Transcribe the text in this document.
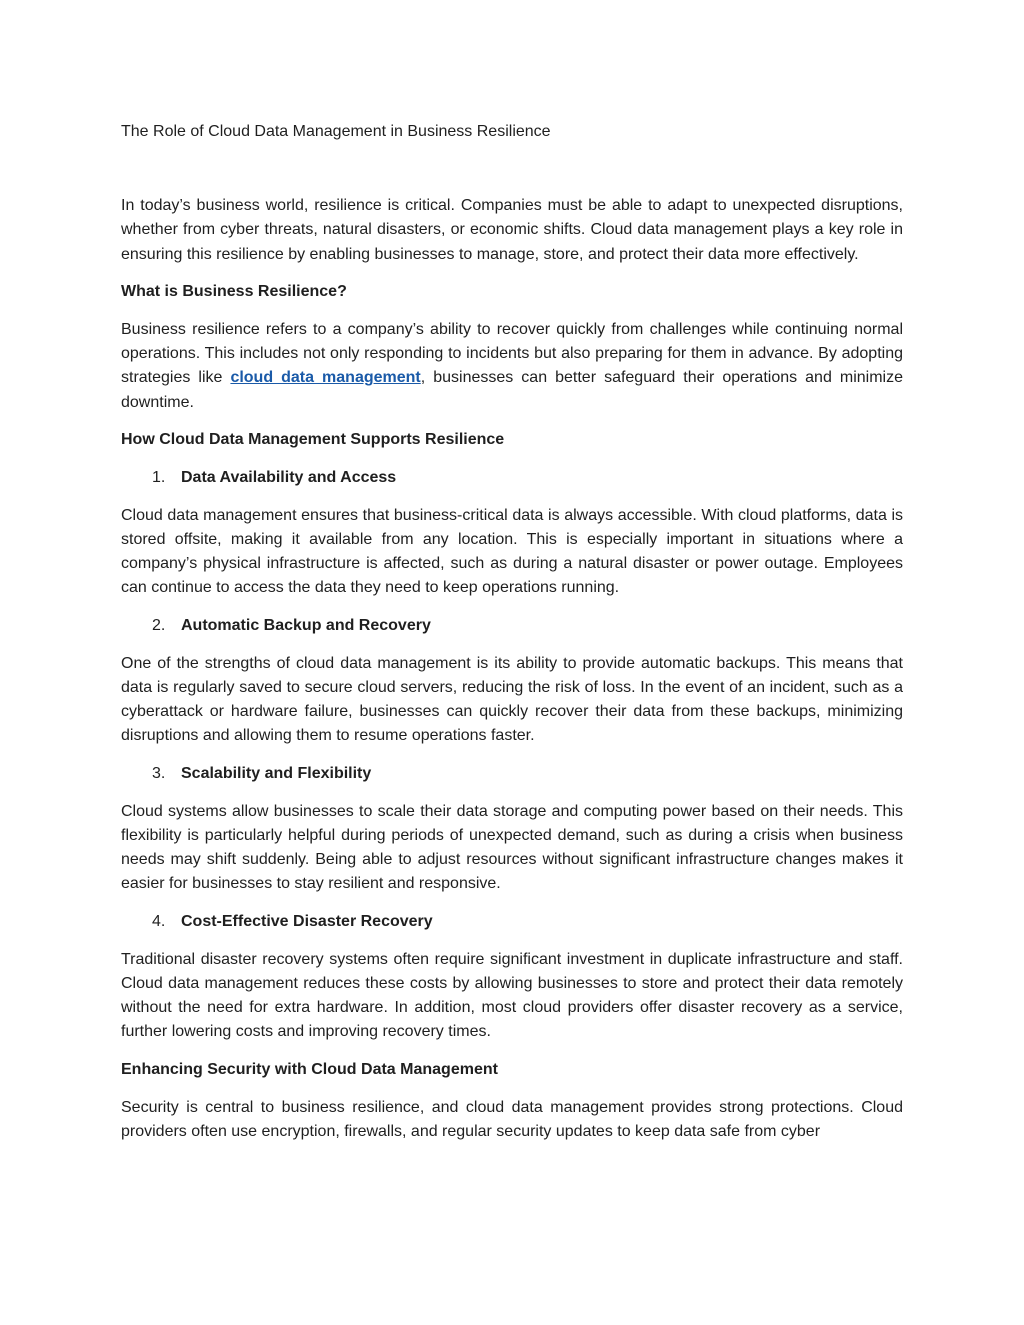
The Role of Cloud Data Management in Business Resilience

In today’s business world, resilience is critical. Companies must be able to adapt to unexpected disruptions, whether from cyber threats, natural disasters, or economic shifts. Cloud data management plays a key role in ensuring this resilience by enabling businesses to manage, store, and protect their data more effectively.

What is Business Resilience?

Business resilience refers to a company’s ability to recover quickly from challenges while continuing normal operations. This includes not only responding to incidents but also preparing for them in advance. By adopting strategies like cloud data management, businesses can better safeguard their operations and minimize downtime.

How Cloud Data Management Supports Resilience
1. Data Availability and Access

Cloud data management ensures that business-critical data is always accessible. With cloud platforms, data is stored offsite, making it available from any location. This is especially important in situations where a company’s physical infrastructure is affected, such as during a natural disaster or power outage. Employees can continue to access the data they need to keep operations running.

2. Automatic Backup and Recovery

One of the strengths of cloud data management is its ability to provide automatic backups. This means that data is regularly saved to secure cloud servers, reducing the risk of loss. In the event of an incident, such as a cyberattack or hardware failure, businesses can quickly recover their data from these backups, minimizing disruptions and allowing them to resume operations faster.

3. Scalability and Flexibility

Cloud systems allow businesses to scale their data storage and computing power based on their needs. This flexibility is particularly helpful during periods of unexpected demand, such as during a crisis when business needs may shift suddenly. Being able to adjust resources without significant infrastructure changes makes it easier for businesses to stay resilient and responsive.

4. Cost-Effective Disaster Recovery

Traditional disaster recovery systems often require significant investment in duplicate infrastructure and staff. Cloud data management reduces these costs by allowing businesses to store and protect their data remotely without the need for extra hardware. In addition, most cloud providers offer disaster recovery as a service, further lowering costs and improving recovery times.

Enhancing Security with Cloud Data Management

Security is central to business resilience, and cloud data management provides strong protections. Cloud providers often use encryption, firewalls, and regular security updates to keep data safe from cyber
